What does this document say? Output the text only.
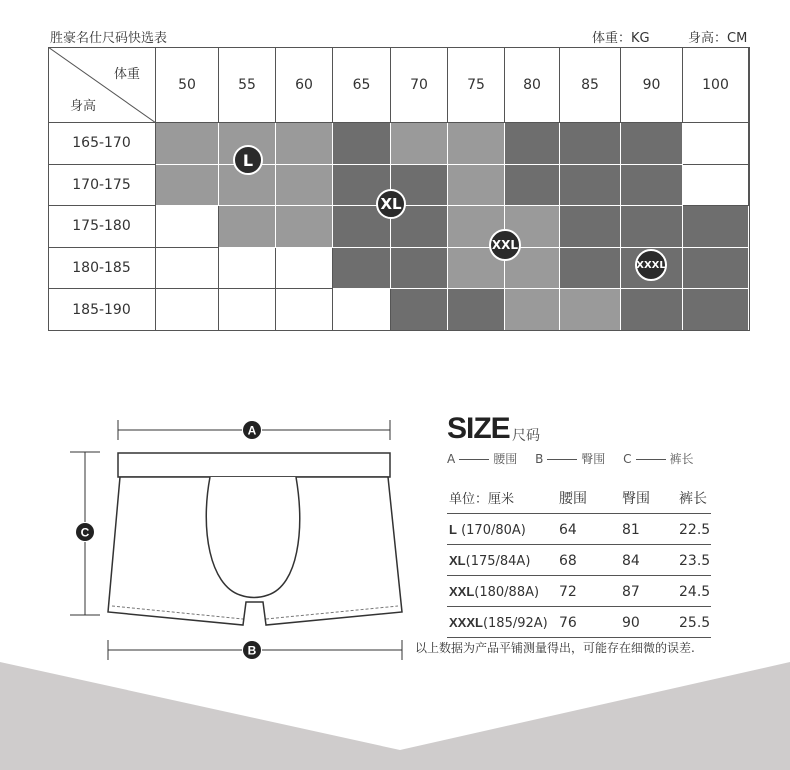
胜豪名仕尺码快选表	体重：KG	身高：CM
体重
身高
50	55	60	65	70	75	80	85	90	100
165-170
170-175
175-180
180-185
185-190
L
XL
XXL
XXXL
A
C
B
SIZE 尺码
A	腰围 B	臀围 C	裤长
单位：厘米	腰围	臀围 裤长
L (170/80A) 64	81	22.5
XL(175/84A) 68	84	23.5
XXL(180/88A) 72	87	24.5
XXXL(185/92A) 76	90	25.5
以上数据为产品平铺测量得出，可能存在细微的误差.
